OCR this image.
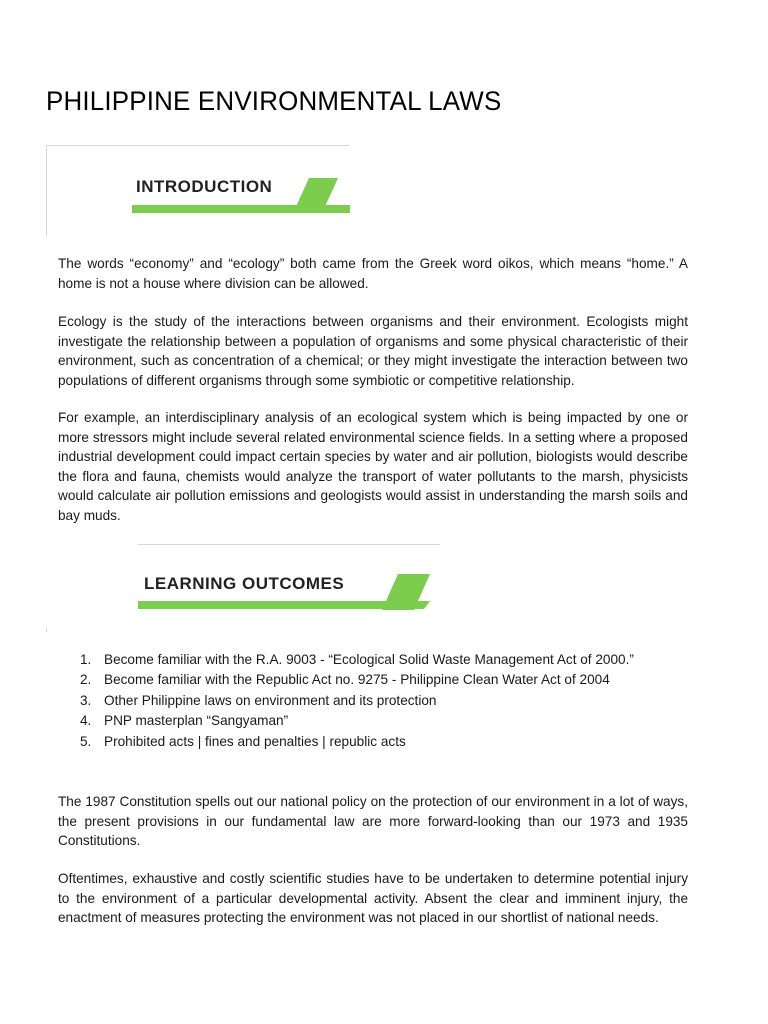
PHILIPPINE ENVIRONMENTAL LAWS
INTRODUCTION

The words “economy” and “ecology” both came from the Greek word oikos, which means “home.” A home is not a house where division can be allowed.

Ecology is the study of the interactions between organisms and their environment. Ecologists might investigate the relationship between a population of organisms and some physical characteristic of their environment, such as concentration of a chemical; or they might investigate the interaction between two populations of different organisms through some symbiotic or competitive relationship.

For example, an interdisciplinary analysis of an ecological system which is being impacted by one or more stressors might include several related environmental science fields. In a setting where a proposed industrial development could impact certain species by water and air pollution, biologists would describe the flora and fauna, chemists would analyze the transport of water pollutants to the marsh, physicists would calculate air pollution emissions and geologists would assist in understanding the marsh soils and bay muds.

LEARNING OUTCOMES
1. Become familiar with the R.A. 9003 - “Ecological Solid Waste Management Act of 2000.”
2. Become familiar with the Republic Act no. 9275 - Philippine Clean Water Act of 2004
3. Other Philippine laws on environment and its protection
4. PNP masterplan “Sangyaman”
5. Prohibited acts | fines and penalties | republic acts

The 1987 Constitution spells out our national policy on the protection of our environment in a lot of ways, the present provisions in our fundamental law are more forward-looking than our 1973 and 1935 Constitutions.

Oftentimes, exhaustive and costly scientific studies have to be undertaken to determine potential injury to the environment of a particular developmental activity. Absent the clear and imminent injury, the enactment of measures protecting the environment was not placed in our shortlist of national needs.
